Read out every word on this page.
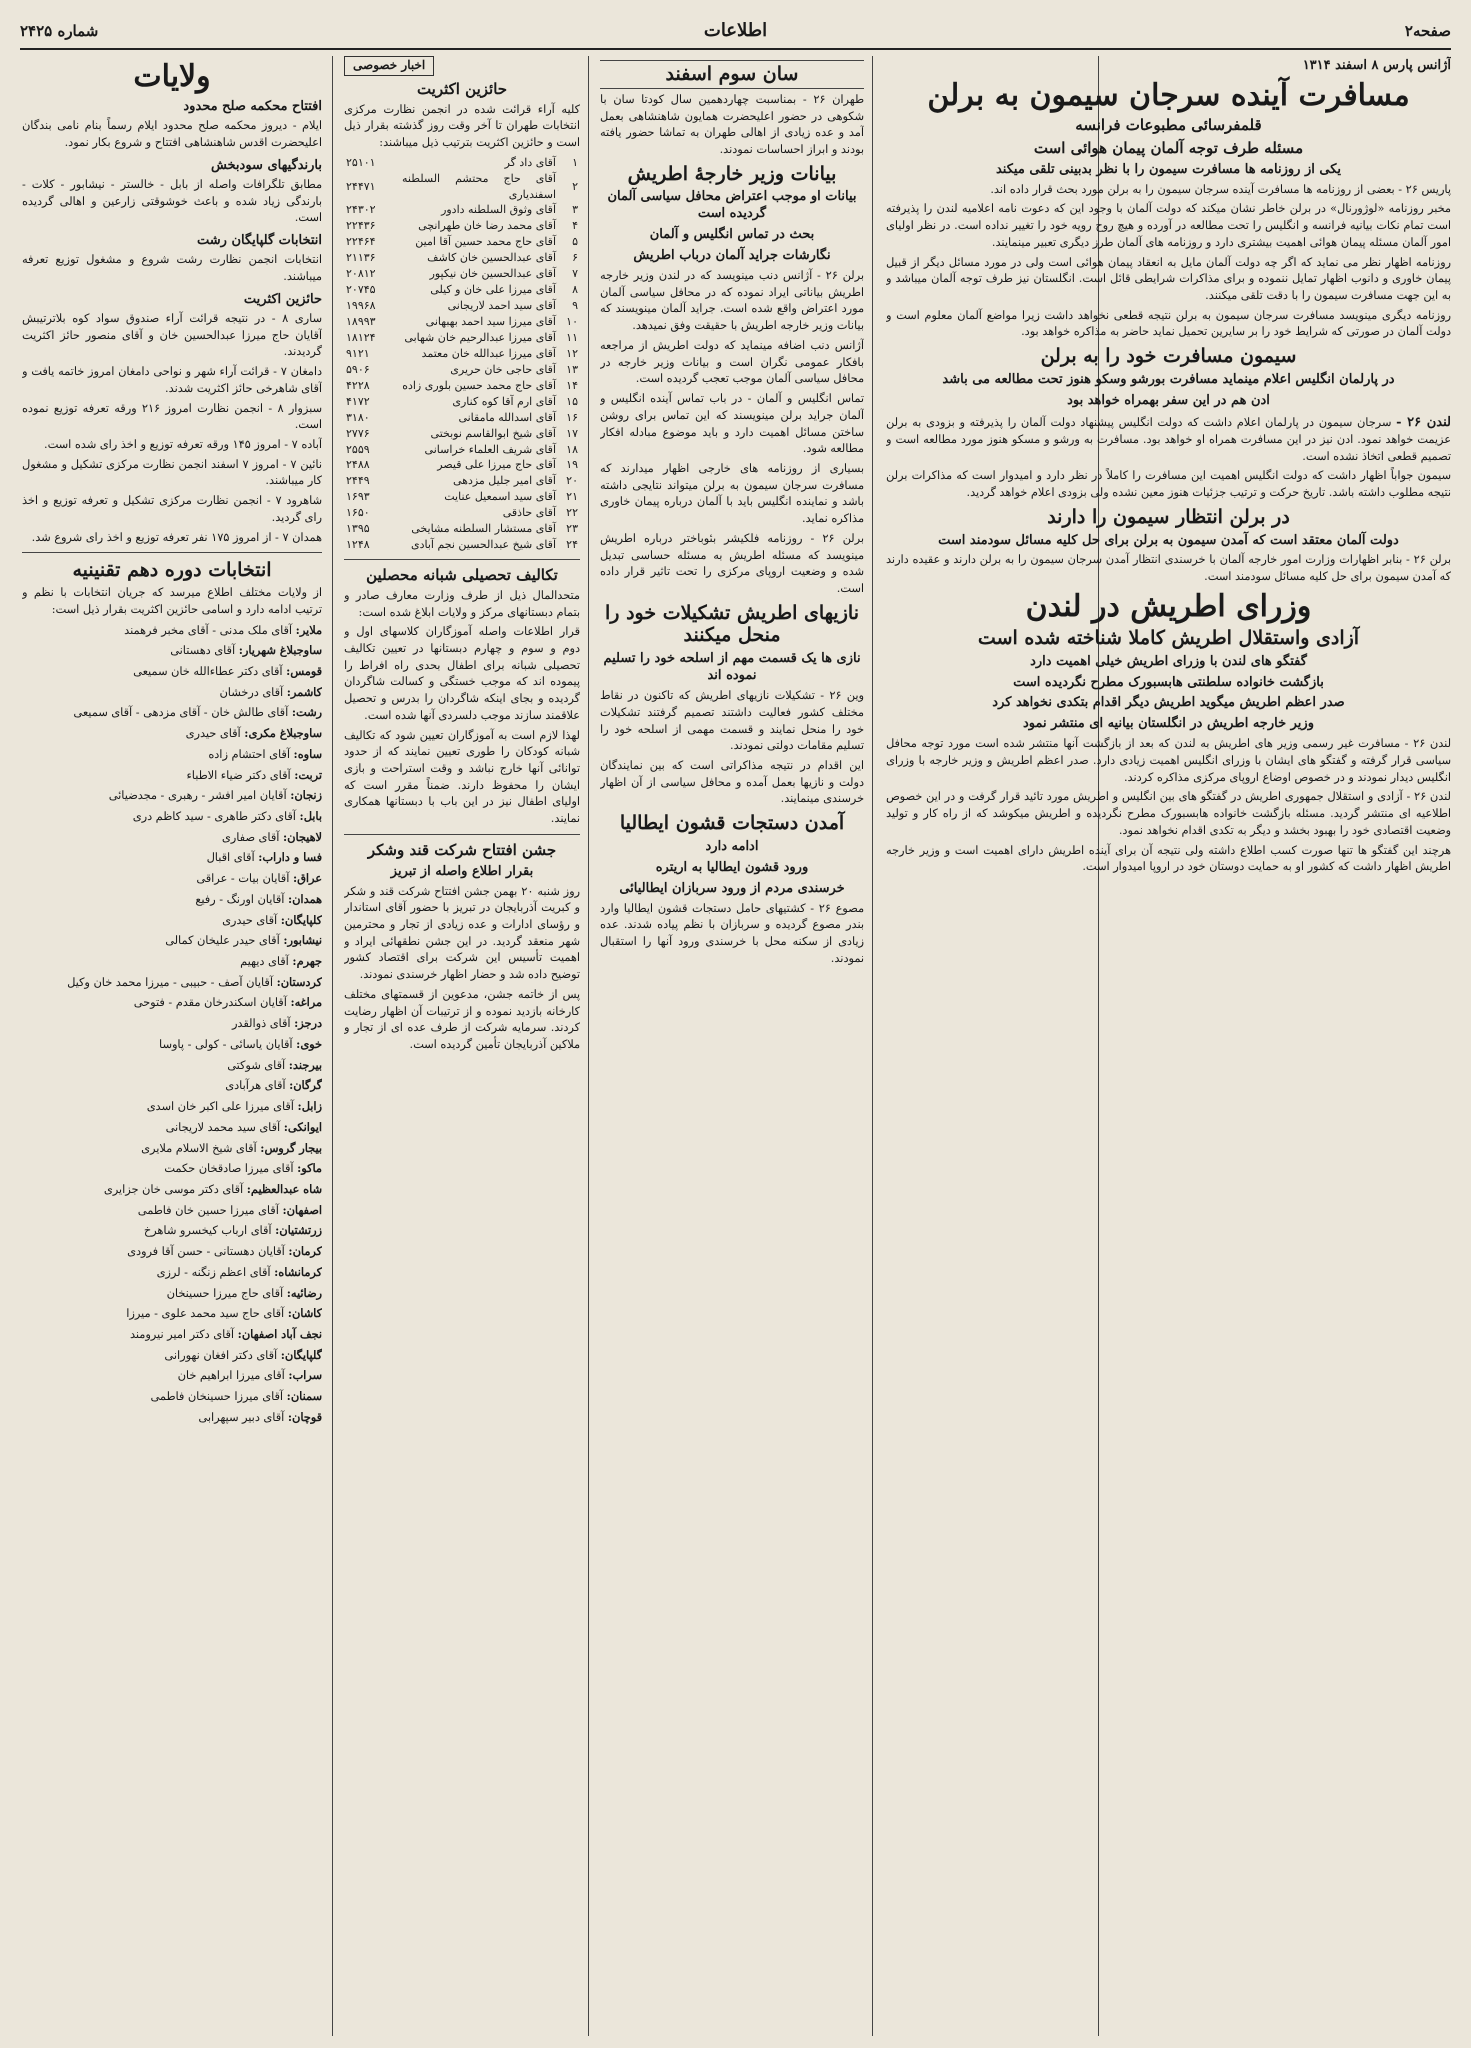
صفحه۲
اطلاعات
شماره ۲۴۲۵

آژانس پارس ۸ اسفند ۱۳۱۴

مسافرت آینده سرجان سیمون به برلن
قلمفرسائی مطبوعات فرانسه
مسئله طرف توجه آلمان پیمان هوائی است
یکی از روزنامه ها مسافرت سیمون را با نظر بدبینی تلقی میکند

پاریس ۲۶ - بعضی از روزنامه ها مسافرت آینده سرجان سیمون را به برلن مورد بحث قرار داده اند.

مخبر روزنامه «لوژورنال» در برلن خاطر نشان میکند که دولت آلمان با وجود این که دعوت نامه اعلامیه لندن را پذیرفته است تمام نکات بیانیه فرانسه و انگلیس را تحت مطالعه در آورده و هیچ روح رویه خود را تغییر نداده است. در نظر اولیای امور آلمان مسئله پیمان هوائی اهمیت بیشتری دارد و روزنامه های آلمان طرز دیگری تعبیر مینمایند.

روزنامه اظهار نظر می نماید که اگر چه دولت آلمان مایل به انعقاد پیمان هوائی است ولی در مورد مسائل دیگر از قبیل پیمان خاوری و دانوب اظهار تمایل ننموده و برای مذاکرات شرایطی قائل است. انگلستان نیز طرف توجه آلمان میباشد و به این جهت مسافرت سیمون را با دقت تلقی میکنند.

روزنامه دیگری مینویسد مسافرت سرجان سیمون به برلن نتیجه قطعی نخواهد داشت زیرا مواضع آلمان معلوم است و دولت آلمان در صورتی که شرایط خود را بر سایرین تحمیل نماید حاضر به مذاکره خواهد بود.

سیمون مسافرت خود را به برلن
در پارلمان انگلیس اعلام مینماید مسافرت بورشو وسکو هنوز تحت مطالعه می باشد
ادن هم در این سفر بهمراه خواهد بود

لندن ۲۶ - سرجان سیمون در پارلمان اعلام داشت که دولت انگلیس پیشنهاد دولت آلمان را پذیرفته و بزودی به برلن عزیمت خواهد نمود. ادن نیز در این مسافرت همراه او خواهد بود. مسافرت به ورشو و مسکو هنوز مورد مطالعه است و تصمیم قطعی اتخاذ نشده است.

سیمون جواباً اظهار داشت که دولت انگلیس اهمیت این مسافرت را کاملاً در نظر دارد و امیدوار است که مذاکرات برلن نتیجه مطلوب داشته باشد. تاریخ حرکت و ترتیب جزئیات هنوز معین نشده ولی بزودی اعلام خواهد گردید.

در برلن انتظار سیمون را دارند
دولت آلمان معتقد است که آمدن سیمون به برلن برای حل کلیه مسائل سودمند است

برلن ۲۶ - بنابر اظهارات وزارت امور خارجه آلمان با خرسندی انتظار آمدن سرجان سیمون را به برلن دارند و عقیده دارند که آمدن سیمون برای حل کلیه مسائل سودمند است.

وزرای اطریش در لندن
آزادی واستقلال اطریش کاملا شناخته شده است
گفتگو های لندن با وزرای اطریش خیلی اهمیت دارد
بازگشت خانواده سلطنتی هابسبورک مطرح نگردیده است
صدر اعظم اطریش میگوید اطریش دیگر اقدام بتکدی نخواهد کرد
وزیر خارجه اطریش در انگلستان بیانیه ای منتشر نمود

لندن ۲۶ - مسافرت غیر رسمی وزیر های اطریش به لندن که بعد از بازگشت آنها منتشر شده است مورد توجه محافل سیاسی قرار گرفته و گفتگو های ایشان با وزرای انگلیس اهمیت زیادی دارد. صدر اعظم اطریش و وزیر خارجه با وزرای انگلیس دیدار نمودند و در خصوص اوضاع اروپای مرکزی مذاکره کردند.

لندن ۲۶ - آزادی و استقلال جمهوری اطریش در گفتگو های بین انگلیس و اطریش مورد تائید قرار گرفت و در این خصوص اطلاعیه ای منتشر گردید. مسئله بازگشت خانواده هابسبورک مطرح نگردیده و اطریش میکوشد که از راه کار و تولید وضعیت اقتصادی خود را بهبود بخشد و دیگر به تکدی اقدام نخواهد نمود.

هرچند این گفتگو ها تنها صورت کسب اطلاع داشته ولی نتیجه آن برای آینده اطریش دارای اهمیت است و وزیر خارجه اطریش اظهار داشت که کشور او به حمایت دوستان خود در اروپا امیدوار است.

سان سوم اسفند

طهران ۲۶ - بمناسبت چهاردهمین سال کودتا سان با شکوهی در حضور اعلیحضرت همایون شاهنشاهی بعمل آمد و عده زیادی از اهالی طهران به تماشا حضور یافته بودند و ابراز احساسات نمودند.

بیانات وزیر خارجۀ اطریش
بیانات او موجب اعتراض محافل سیاسی آلمان گردیده است
بحث در تماس انگلیس و آلمان
نگارشات جراید آلمان درباب اطریش

برلن ۲۶ - آژانس دنب مینویسد که در لندن وزیر خارجه اطریش بیاناتی ایراد نموده که در محافل سیاسی آلمان مورد اعتراض واقع شده است. جراید آلمان مینویسند که بیانات وزیر خارجه اطریش با حقیقت وفق نمیدهد.

آژانس دنب اضافه مینماید که دولت اطریش از مراجعه بافکار عمومی نگران است و بیانات وزیر خارجه در محافل سیاسی آلمان موجب تعجب گردیده است.

تماس انگلیس و آلمان - در باب تماس آینده انگلیس و آلمان جراید برلن مینویسند که این تماس برای روشن ساختن مسائل اهمیت دارد و باید موضوع مبادله افکار مطالعه شود.

بسیاری از روزنامه های خارجی اظهار میدارند که مسافرت سرجان سیمون به برلن میتواند نتایجی داشته باشد و نماینده انگلیس باید با آلمان درباره پیمان خاوری مذاکره نماید.

برلن ۲۶ - روزنامه فلکیشر بئوباختر درباره اطریش مینویسد که مسئله اطریش به مسئله حساسی تبدیل شده و وضعیت اروپای مرکزی را تحت تاثیر قرار داده است.

نازیهای اطریش تشکیلات خود را منحل میکنند
نازی ها یک قسمت مهم از اسلحه خود را تسلیم نموده اند

وین ۲۶ - تشکیلات نازیهای اطریش که تاکنون در نقاط مختلف کشور فعالیت داشتند تصمیم گرفتند تشکیلات خود را منحل نمایند و قسمت مهمی از اسلحه خود را تسلیم مقامات دولتی نمودند.

این اقدام در نتیجه مذاکراتی است که بین نمایندگان دولت و نازیها بعمل آمده و محافل سیاسی از آن اظهار خرسندی مینمایند.

آمدن دستجات قشون ایطالیا
ادامه دارد
ورود قشون ایطالیا به اریتره
خرسندی مردم از ورود سربازان ایطالیائی

مصوع ۲۶ - کشتیهای حامل دستجات قشون ایطالیا وارد بندر مصوع گردیده و سربازان با نظم پیاده شدند. عده زیادی از سکنه محل با خرسندی ورود آنها را استقبال نمودند.

اخبار خصوصی
حائزین اکثریت

کلیه آراء قرائت شده در انجمن نظارت مرکزی انتخابات طهران تا آخر وقت روز گذشته بقرار ذیل است و حائزین اکثریت بترتیب ذیل میباشند:

۱	آقای داد گر	۲۵۱۰۱
۲	آقای حاج محتشم السلطنه اسفندیاری	۲۴۴۷۱
۳	آقای وثوق السلطنه دادور	۲۴۳۰۲
۴	آقای محمد رضا خان طهرانچی	۲۲۴۳۶
۵	آقای حاج محمد حسین آقا امین	۲۲۴۶۴
۶	آقای عبدالحسین خان کاشف	۲۱۱۳۶
۷	آقای عبدالحسین خان نیکپور	۲۰۸۱۲
۸	آقای میرزا علی خان و کیلی	۲۰۷۴۵
۹	آقای سید احمد لاریجانی	۱۹۹۶۸
۱۰	آقای میرزا سید احمد بهبهانی	۱۸۹۹۳
۱۱	آقای میرزا عبدالرحیم خان شهابی	۱۸۱۲۴
۱۲	آقای میرزا عبدالله خان معتمد	۹۱۲۱
۱۳	آقای حاجی خان حریری	۵۹۰۶
۱۴	آقای حاج محمد حسین بلوری زاده	۴۲۲۸
۱۵	آقای ارم آقا کوه کناری	۴۱۷۲
۱۶	آقای اسدالله مامقانی	۳۱۸۰
۱۷	آقای شیخ ابوالقاسم نوبختی	۲۷۷۶
۱۸	آقای شریف العلماء خراسانی	۲۵۵۹
۱۹	آقای حاج میرزا علی قیصر	۲۴۸۸
۲۰	آقای امیر جلیل مزدهی	۲۴۴۹
۲۱	آقای سید اسمعیل عنایت	۱۶۹۳
۲۲	آقای حاذقی	۱۶۵۰
۲۳	آقای مستشار السلطنه مشایخی	۱۳۹۵
۲۴	آقای شیخ عبدالحسین نجم آبادی	۱۲۴۸
تکالیف تحصیلی شبانه محصلین

متحدالمال ذیل از طرف وزارت معارف صادر و بتمام دبستانهای مرکز و ولایات ابلاغ شده است:

قرار اطلاعات واصله آموزگاران کلاسهای اول و دوم و سوم و چهارم دبستانها در تعیین تکالیف تحصیلی شبانه برای اطفال بحدی راه افراط را پیموده اند که موجب خستگی و کسالت شاگردان گردیده و بجای اینکه شاگردان را بدرس و تحصیل علاقمند سازند موجب دلسردی آنها شده است.

لهذا لازم است به آموزگاران تعیین شود که تکالیف شبانه کودکان را طوری تعیین نمایند که از حدود توانائی آنها خارج نباشد و وقت استراحت و بازی ایشان را محفوظ دارند. ضمناً مقرر است که اولیای اطفال نیز در این باب با دبستانها همکاری نمایند.

جشن افتتاح شرکت قند وشکر
بقرار اطلاع واصله از تبریز

روز شنبه ۲۰ بهمن جشن افتتاح شرکت قند و شکر و کبریت آذربایجان در تبریز با حضور آقای استاندار و رؤسای ادارات و عده زیادی از تجار و محترمین شهر منعقد گردید. در این جشن نطقهائی ایراد و اهمیت تأسیس این شرکت برای اقتصاد کشور توضیح داده شد و حضار اظهار خرسندی نمودند.

پس از خاتمه جشن، مدعوین از قسمتهای مختلف کارخانه بازدید نموده و از ترتیبات آن اظهار رضایت کردند. سرمایه شرکت از طرف عده ای از تجار و ملاکین آذربایجان تأمین گردیده است.

ولایات
افتتاح محکمه صلح محدود

ایلام - دیروز محکمه صلح محدود ایلام رسماً بنام نامی بندگان اعلیحضرت اقدس شاهنشاهی افتتاح و شروع بکار نمود.

بارندگیهای سودبخش

مطابق تلگرافات واصله از بابل - خالستر - نیشابور - کلات - بارندگی زیاد شده و باعث خوشوقتی زارعین و اهالی گردیده است.

انتخابات گلپایگان رشت

انتخابات انجمن نظارت رشت شروع و مشغول توزیع تعرفه میباشند.

حائزین اکثریت

ساری ۸ - در نتیجه قرائت آراء صندوق سواد کوه بلاترتیبش آقایان حاج میرزا عبدالحسین خان و آقای منصور حائز اکثریت گردیدند.

دامغان ۷ - قرائت آراء شهر و نواحی دامغان امروز خاتمه یافت و آقای شاهرخی حائز اکثریت شدند.

سبزوار ۸ - انجمن نظارت امروز ۲۱۶ ورقه تعرفه توزیع نموده است.

آباده ۷ - امروز ۱۴۵ ورقه تعرفه توزیع و اخذ رای شده است.

نائین ۷ - امروز ۷ اسفند انجمن نظارت مرکزی تشکیل و مشغول کار میباشند.

شاهرود ۷ - انجمن نظارت مرکزی تشکیل و تعرفه توزیع و اخذ رای گردید.

همدان ۷ - از امروز ۱۷۵ نفر تعرفه توزیع و اخذ رای شروع شد.

انتخابات دوره دهم تقنینیه

از ولایات مختلف اطلاع میرسد که جریان انتخابات با نظم و ترتیب ادامه دارد و اسامی حائزین اکثریت بقرار ذیل است:

ملایر: آقای ملک مدنی - آقای مخبر فرهمند

ساوجبلاغ شهریار: آقای دهستانی

قومس: آقای دکتر عطاءالله خان سمیعی

کاشمر: آقای درخشان

رشت: آقای طالش خان - آقای مزدهی - آقای سمیعی

ساوجبلاغ مکری: آقای حیدری

ساوه: آقای احتشام زاده

تربت: آقای دکتر ضیاء الاطباء

زنجان: آقایان امیر افشر - رهبری - مجدضیائی

بابل: آقای دکتر طاهری - سید کاظم دری

لاهیجان: آقای صفاری

فسا و داراب: آقای اقبال

عراق: آقایان بیات - عراقی

همدان: آقایان اورنگ - رفیع

کلپایگان: آقای حیدری

نیشابور: آقای حیدر علیخان کمالی

جهرم: آقای دیهیم

کردستان: آقایان آصف - حبیبی - میرزا محمد خان وکیل

مراغه: آقایان اسکندرخان مقدم - فتوحی

درجز: آقای ذوالقدر

خوی: آقایان یاسائی - کولی - پاوسا

بیرجند: آقای شوکتی

گرگان: آقای هرآبادی

زابل: آقای میرزا علی اکبر خان اسدی

ایوانکی: آقای سید محمد لاریجانی

بیجار گروس: آقای شیخ الاسلام ملایری

ماکو: آقای میرزا صادقخان حکمت

شاه عبدالعظیم: آقای دکتر موسی خان جزایری

اصفهان: آقای میرزا حسین خان فاطمی

زرتشتیان: آقای ارباب کیخسرو شاهرخ

کرمان: آقایان دهستانی - حسن آقا فرودی

کرمانشاه: آقای اعظم زنگنه - لرزی

رضائیه: آقای حاج میرزا حسینخان

کاشان: آقای حاج سید محمد علوی - میرزا

نجف آباد اصفهان: آقای دکتر امیر نیرومند

گلپایگان: آقای دکتر افغان نهورانی

سراب: آقای میرزا ابراهیم خان

سمنان: آقای میرزا حسینخان فاطمی

قوچان: آقای دبیر سپهرابی
